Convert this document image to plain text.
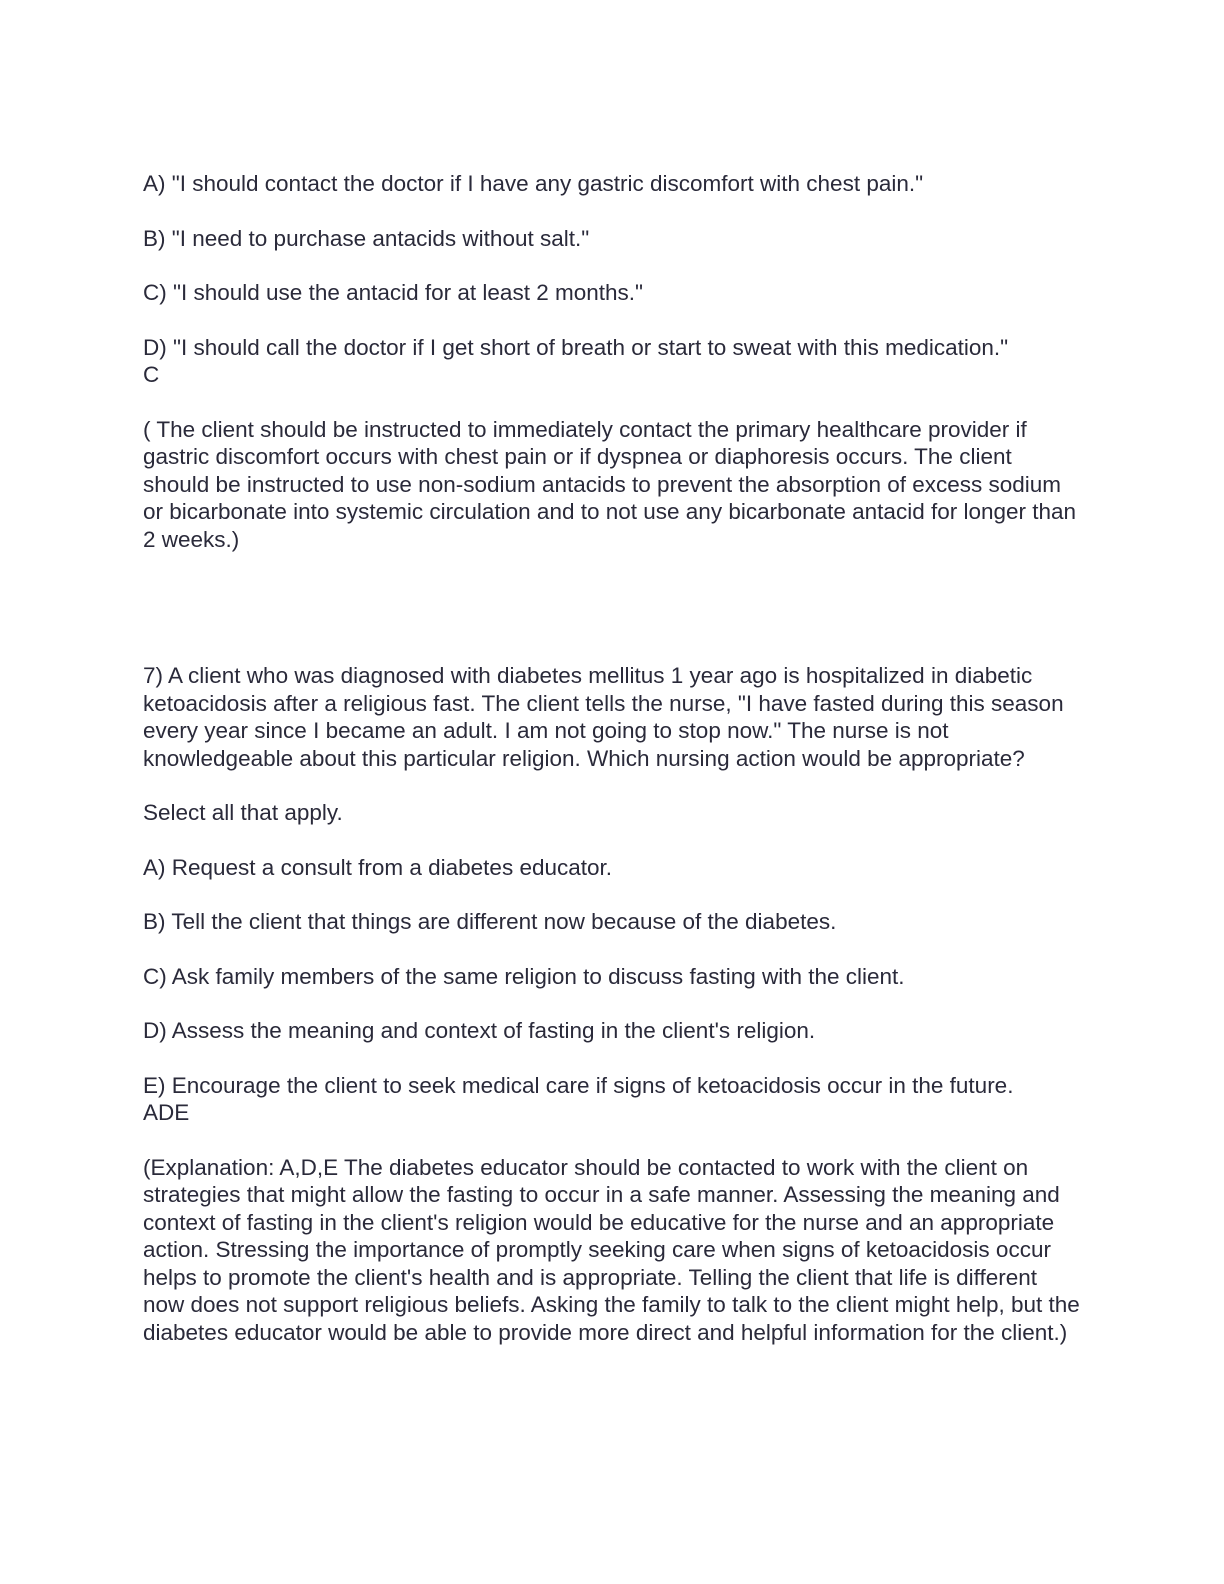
A) "I should contact the doctor if I have any gastric discomfort with chest pain."

B) "I need to purchase antacids without salt."

C) "I should use the antacid for at least 2 months."

D) "I should call the doctor if I get short of breath or start to sweat with this medication."
C

( The client should be instructed to immediately contact the primary healthcare provider if gastric discomfort occurs with chest pain or if dyspnea or diaphoresis occurs. The client should be instructed to use non-sodium antacids to prevent the absorption of excess sodium or bicarbonate into systemic circulation and to not use any bicarbonate antacid for longer than 2 weeks.)

7) A client who was diagnosed with diabetes mellitus 1 year ago is hospitalized in diabetic ketoacidosis after a religious fast. The client tells the nurse, "I have fasted during this season every year since I became an adult. I am not going to stop now." The nurse is not knowledgeable about this particular religion. Which nursing action would be appropriate?

Select all that apply.

A) Request a consult from a diabetes educator.

B) Tell the client that things are different now because of the diabetes.

C) Ask family members of the same religion to discuss fasting with the client.

D) Assess the meaning and context of fasting in the client's religion.

E) Encourage the client to seek medical care if signs of ketoacidosis occur in the future.
ADE

(Explanation: A,D,E The diabetes educator should be contacted to work with the client on strategies that might allow the fasting to occur in a safe manner. Assessing the meaning and context of fasting in the client's religion would be educative for the nurse and an appropriate action. Stressing the importance of promptly seeking care when signs of ketoacidosis occur helps to promote the client's health and is appropriate. Telling the client that life is different now does not support religious beliefs. Asking the family to talk to the client might help, but the diabetes educator would be able to provide more direct and helpful information for the client.)
